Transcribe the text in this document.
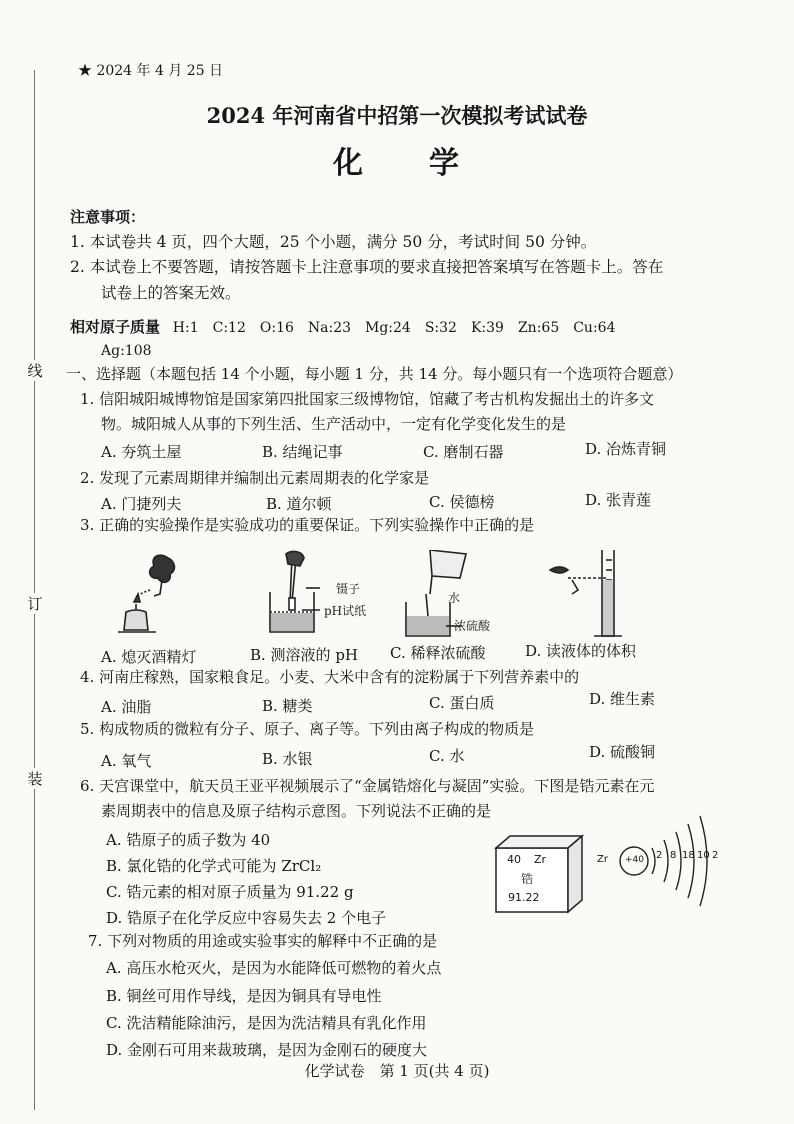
线
订
装
★ 2024 年 4 月 25 日
2024 年河南省中招第一次模拟考试试卷
化　　学
注意事项：
1. 本试卷共 4 页，四个大题，25 个小题，满分 50 分，考试时间 50 分钟。
2. 本试卷上不要答题，请按答题卡上注意事项的要求直接把答案填写在答题卡上。答在
试卷上的答案无效。
相对原子质量 H:1　C:12　O:16　Na:23　Mg:24　S:32　K:39　Zn:65　Cu:64
Ag:108
一、选择题（本题包括 14 个小题，每小题 1 分，共 14 分。每小题只有一个选项符合题意）
1. 信阳城阳城博物馆是国家第四批国家三级博物馆，馆藏了考古机构发掘出土的许多文
物。城阳城人从事的下列生活、生产活动中，一定有化学变化发生的是
A. 夯筑土屋	B. 结绳记事	C. 磨制石器	D. 冶炼青铜
2. 发现了元素周期律并编制出元素周期表的化学家是
A. 门捷列夫	B. 道尔顿	C. 侯德榜	D. 张青莲
3. 正确的实验操作是实验成功的重要保证。下列实验操作中正确的是
镊子
pH试纸
水
浓硫酸
A. 熄灭酒精灯	B. 测溶液的 pH C. 稀释浓硫酸	D. 读液体的体积
4. 河南庄稼熟，国家粮食足。小麦、大米中含有的淀粉属于下列营养素中的
A. 油脂	B. 糖类	C. 蛋白质	D. 维生素
5. 构成物质的微粒有分子、原子、离子等。下列由离子构成的物质是
A. 氧气	B. 水银	C. 水	D. 硫酸铜
6. 天宫课堂中，航天员王亚平视频展示了“金属锆熔化与凝固”实验。下图是锆元素在元
素周期表中的信息及原子结构示意图。下列说法不正确的是
A. 锆原子的质子数为 40
B. 氯化锆的化学式可能为 ZrCl₂
C. 锆元素的相对原子质量为 91.22 g
D. 锆原子在化学反应中容易失去 2 个电子
40 Zr
锆
91.22
Zr +40 2 8 18 10 2
7. 下列对物质的用途或实验事实的解释中不正确的是
A. 高压水枪灭火，是因为水能降低可燃物的着火点
B. 铜丝可用作导线，是因为铜具有导电性
C. 洗洁精能除油污，是因为洗洁精具有乳化作用
D. 金刚石可用来裁玻璃，是因为金刚石的硬度大
化学试卷　第 1 页(共 4 页)
